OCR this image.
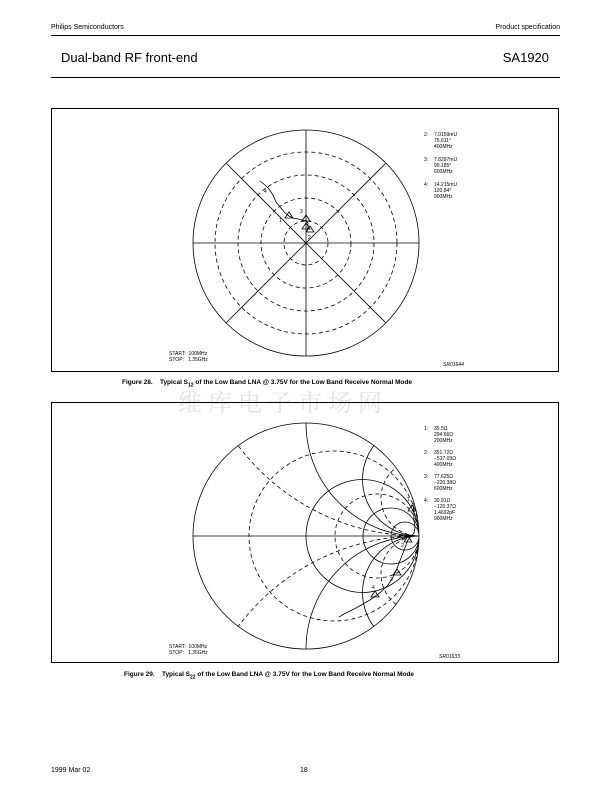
Philips Semiconductors	Product specification
Dual-band RF front-end	SA1920
1
2
3
4
2: 7.0159mU
75.611°
400MHz
3: 7.8297mU
90.185°
600MHz
4: 14.215mU
120.84°
900MHz
START:  100MHz
STOP:   1.35GHz
SR01644
Figure 28. Typical $S_{12}$ of the Low Band LNA @ 3.75V for the Low Band Receive Normal Mode
维库电子市场网
1
2
3
4
1: 35.5Ω
294.66Ω
200MHz
2: 351.72Ω
−537.09Ω
400MHz
3: 77.625Ω
−220.38Ω
600MHz
4: 30.91Ω
−120.37Ω
1.4692pF
900MHz
START:  100MHz
STOP:   1.35GHz
SR01633
Figure 29. Typical $S_{22}$ of the Low Band LNA @ 3.75V for the Low Band Receive Normal Mode
1999 Mar 02	18
